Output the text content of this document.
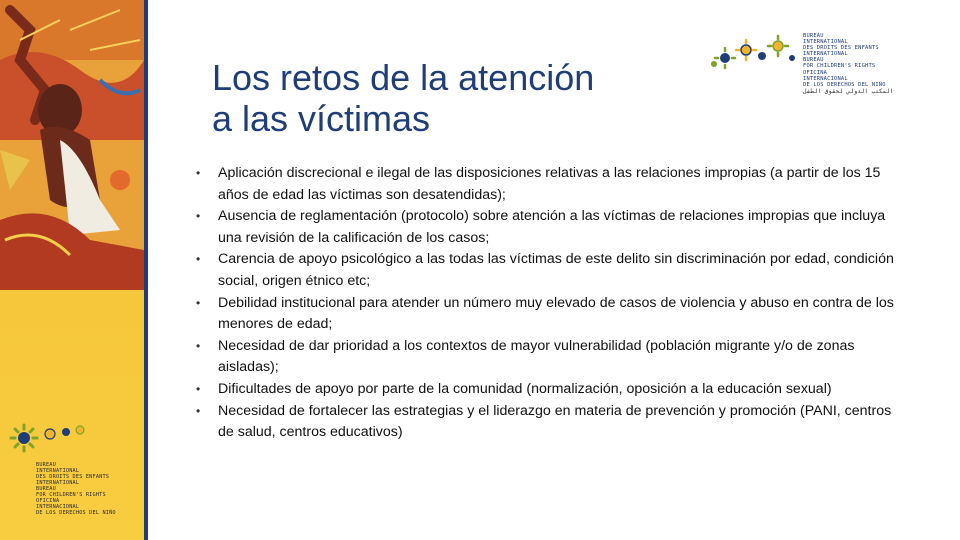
BUREAU
INTERNATIONAL
DES DROITS DES ENFANTS
INTERNATIONAL
BUREAU
FOR CHILDREN'S RIGHTS
OFICINA
INTERNACIONAL
DE LOS DERECHOS DEL NIÑO
Los retos de la atención
a las víctimas
BUREAU
INTERNATIONAL
DES DROITS DES ENFANTS
INTERNATIONAL
BUREAU
FOR CHILDREN'S RIGHTS
OFICINA
INTERNACIONAL
DE LOS DERECHOS DEL NIÑO
المكتب الدولي لحقوق الطفل
• Aplicación discrecional e ilegal de las disposiciones relativas a las relaciones impropias (a partir de los 15 años de edad las víctimas son desatendidas);
• Ausencia de reglamentación (protocolo) sobre atención a las víctimas de relaciones impropias que incluya una revisión de la calificación de los casos;
• Carencia de apoyo psicológico a las todas las víctimas de este delito sin discriminación por edad, condición social, origen étnico etc;
• Debilidad institucional para atender un número muy elevado de casos de violencia y abuso en contra de los menores de edad;
• Necesidad de dar prioridad a los contextos de mayor vulnerabilidad (población migrante y/o de zonas aisladas);
• Dificultades de apoyo por parte de la comunidad (normalización, oposición a la educación sexual)
• Necesidad de fortalecer las estrategias y el liderazgo en materia de prevención y promoción (PANI, centros de salud, centros educativos)
